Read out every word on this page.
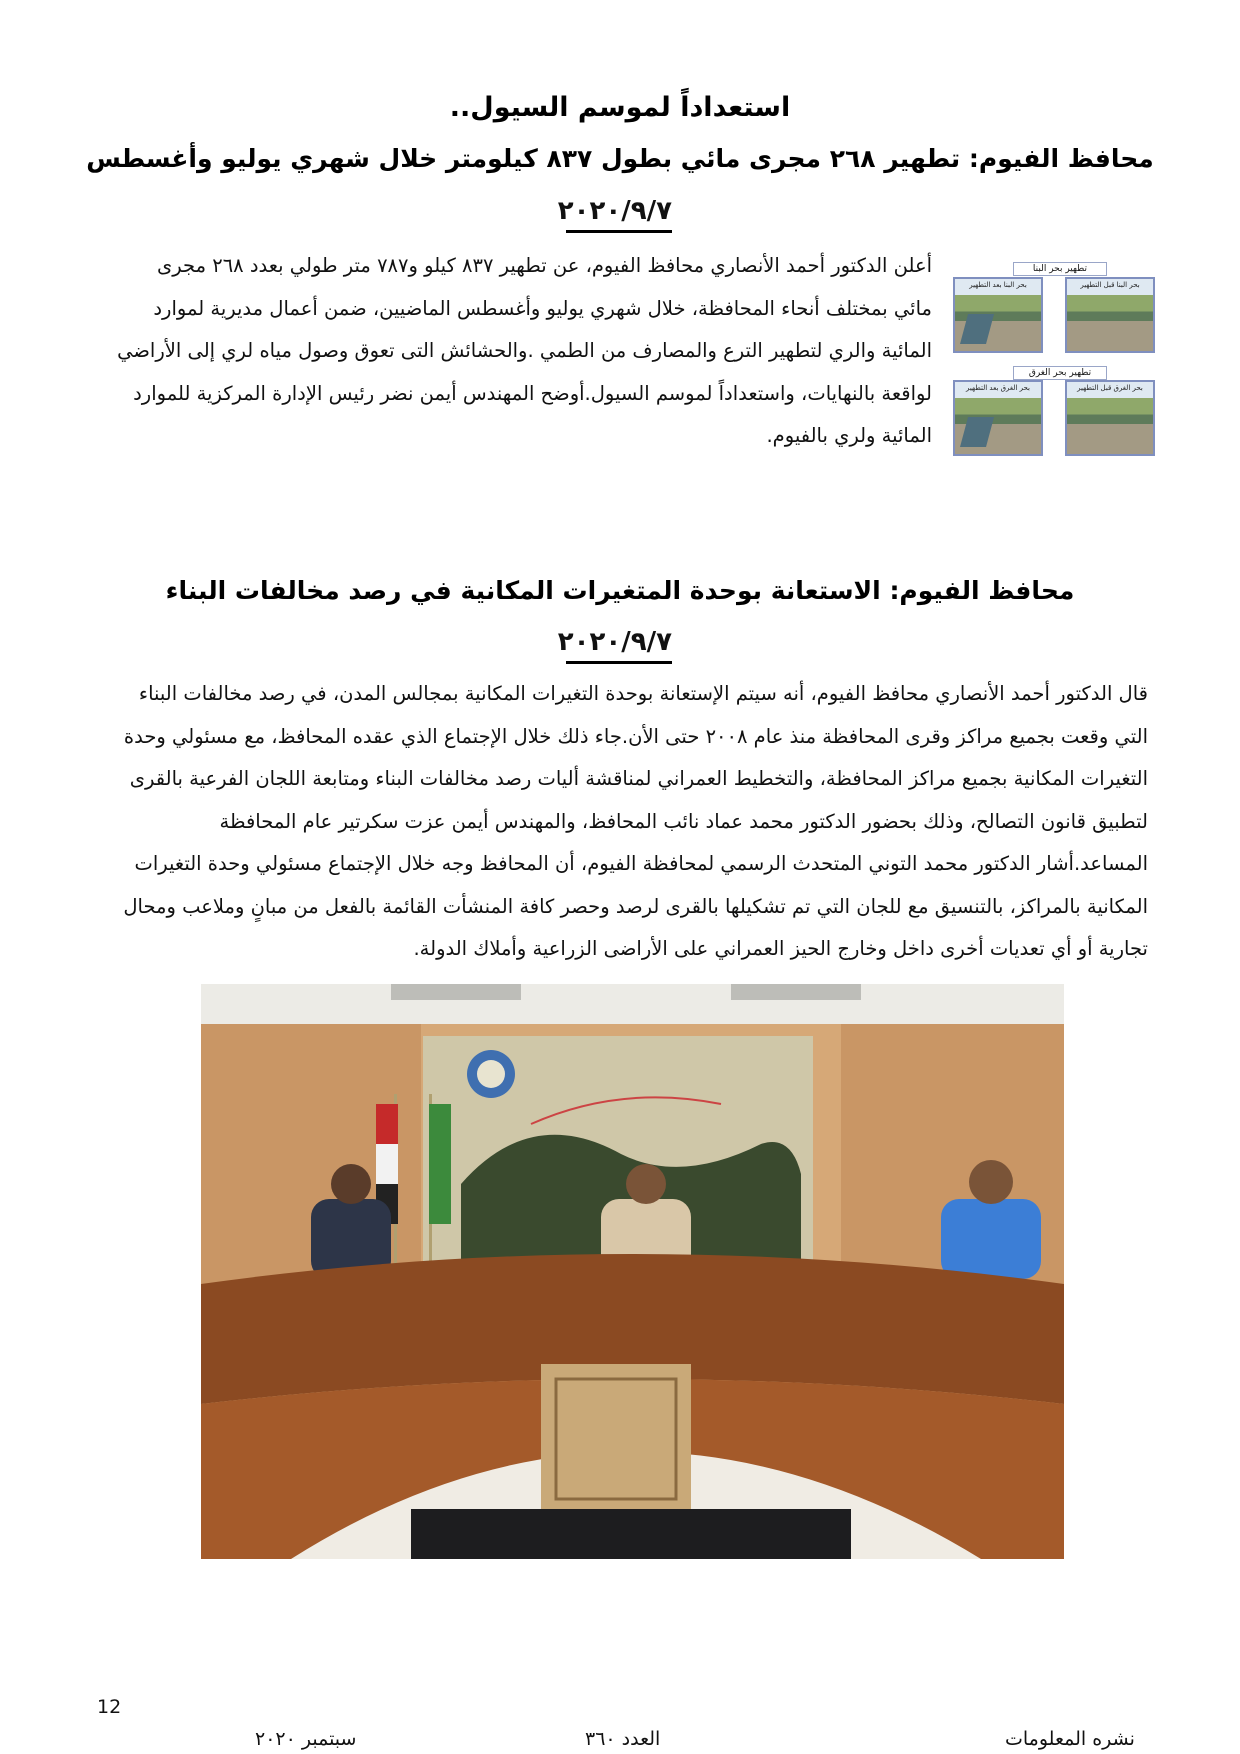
استعداداً لموسم السيول..
محافظ الفيوم: تطهير ٢٦٨ مجرى مائي بطول ٨٣٧ كيلومتر خلال شهري يوليو وأغسطس
٢٠٢٠/٩/٧
أعلن الدكتور أحمد الأنصاري محافظ الفيوم، عن تطهير ٨٣٧ كيلو و٧٨٧ متر طولي بعدد ٢٦٨ مجرى
مائي بمختلف أنحاء المحافظة، خلال شهري يوليو وأغسطس الماضيين، ضمن أعمال مديرية لموارد
المائية والري لتطهير الترع والمصارف من الطمي .والحشائش التى تعوق وصول مياه لري إلى الأراضي
لواقعة بالنهايات، واستعداداً لموسم السيول.أوضح المهندس أيمن نضر رئيس الإدارة المركزية للموارد
المائية ولري بالفيوم.
تطهير بحر البنا
بحر البنا بعد التطهير	بحر البنا قبل التطهير
تطهير بحر الغرق
بحر الغرق بعد التطهير	بحر الغرق قبل التطهير
محافظ الفيوم: الاستعانة بوحدة المتغيرات المكانية في رصد مخالفات البناء
٢٠٢٠/٩/٧
قال الدكتور أحمد الأنصاري محافظ الفيوم، أنه سيتم الإستعانة بوحدة التغيرات المكانية بمجالس المدن، في رصد مخالفات البناء
التي وقعت بجميع مراكز وقرى المحافظة منذ عام ٢٠٠٨ حتى الأن.جاء ذلك خلال الإجتماع الذي عقده المحافظ، مع مسئولي وحدة
التغيرات المكانية بجميع مراكز المحافظة، والتخطيط العمراني لمناقشة أليات رصد مخالفات البناء ومتابعة اللجان الفرعية بالقرى
لتطبيق قانون التصالح، وذلك بحضور الدكتور محمد عماد نائب المحافظ، والمهندس أيمن عزت سكرتير عام المحافظة
المساعد.أشار الدكتور محمد التوني المتحدث الرسمي لمحافظة الفيوم، أن المحافظ وجه خلال الإجتماع مسئولي وحدة التغيرات
المكانية بالمراكز، بالتنسيق مع للجان التي تم تشكيلها بالقرى لرصد وحصر كافة المنشأت القائمة بالفعل من مبانٍ وملاعب ومحال
تجارية أو أي تعديات أخرى داخل وخارج الحيز العمراني على الأراضى الزراعية وأملاك الدولة.
12
سبتمبر ٢٠٢٠	العدد ٣٦٠	نشره المعلومات
